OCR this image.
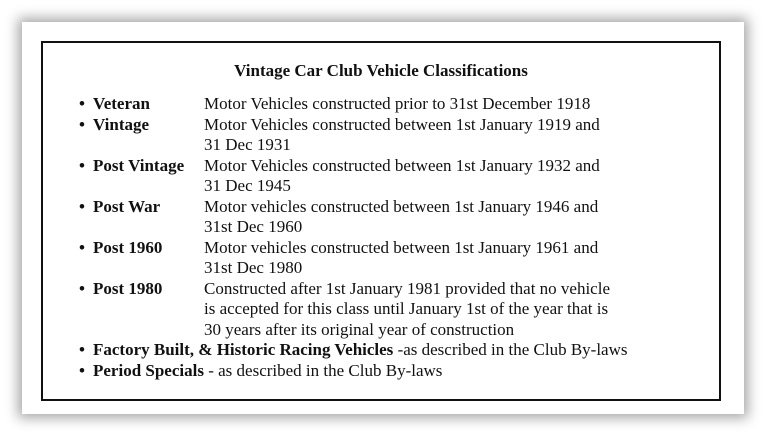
Vintage Car Club Vehicle Classifications
• Veteran	Motor Vehicles constructed prior to 31st December 1918
• Vintage	Motor Vehicles constructed between 1st January 1919 and
31 Dec 1931
• Post Vintage	Motor Vehicles constructed between 1st January 1932 and
31 Dec 1945
• Post War	Motor vehicles constructed between 1st January 1946 and
31st Dec 1960
• Post 1960	Motor vehicles constructed between 1st January 1961 and
31st Dec 1980
• Post 1980	Constructed after 1st January 1981 provided that no vehicle
is accepted for this class until January 1st of the year that is
30 years after its original year of construction
• Factory Built, & Historic Racing Vehicles -as described in the Club By-laws
• Period Specials - as described in the Club By-laws
